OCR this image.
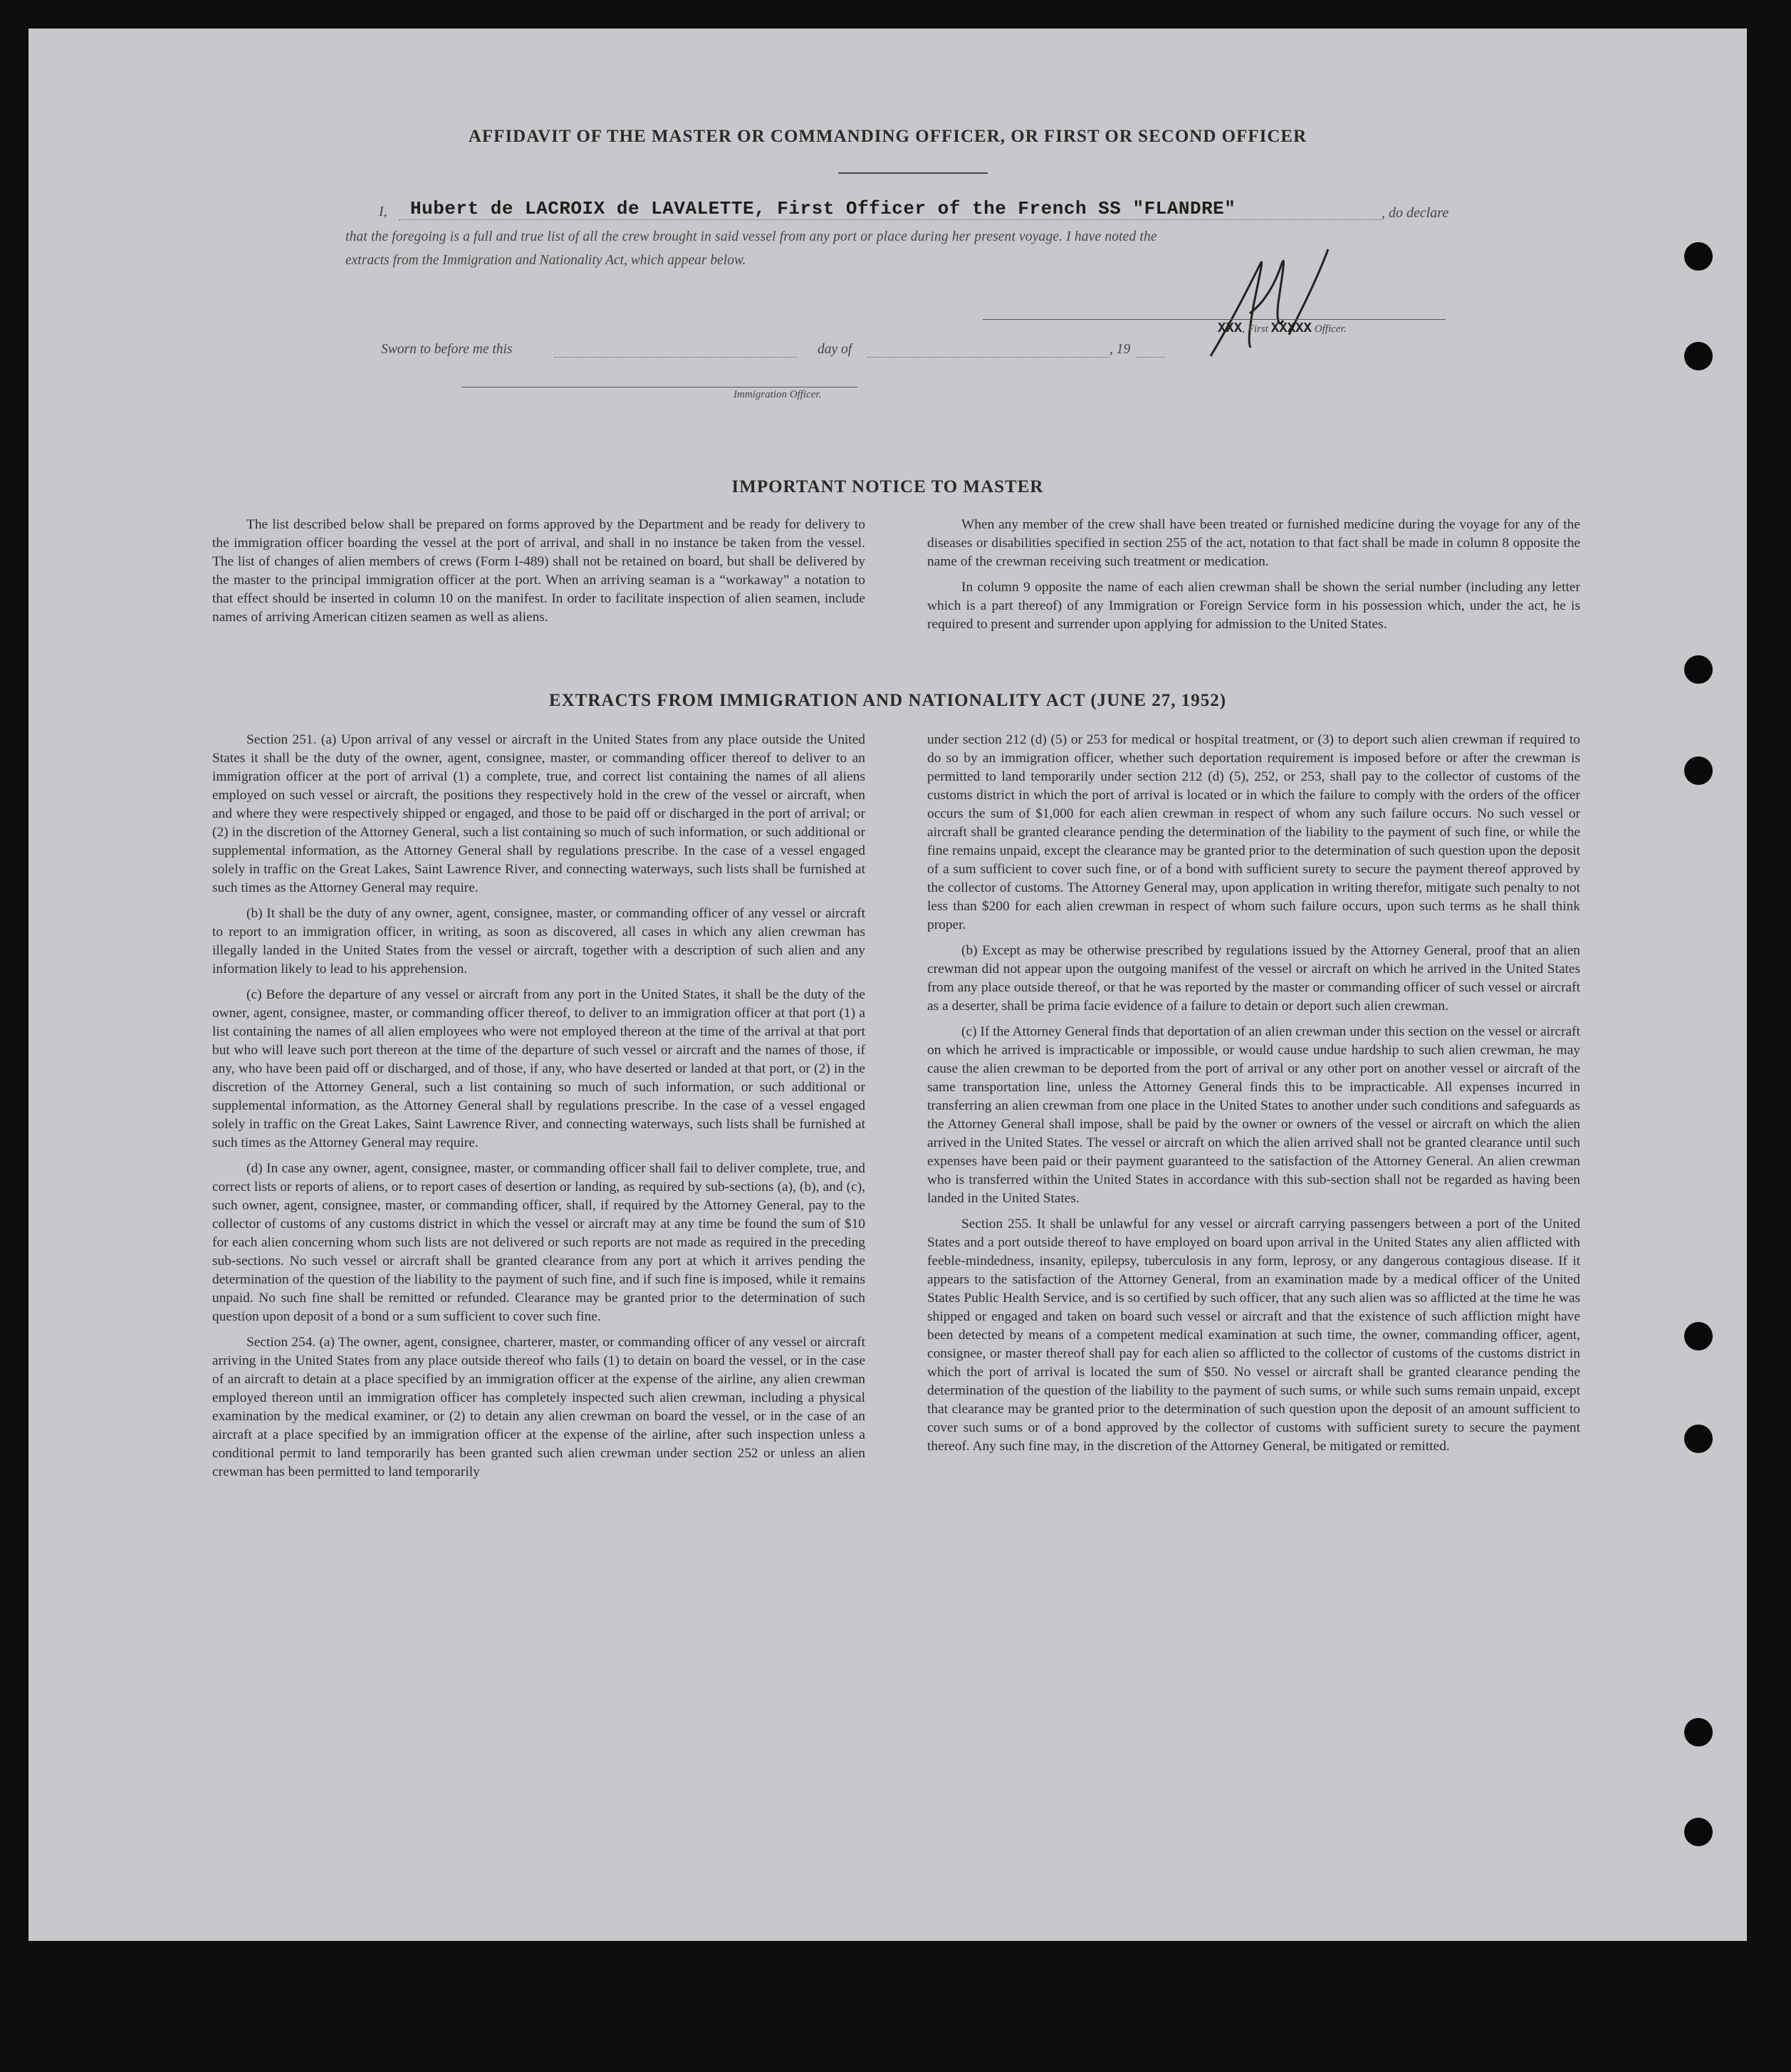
AFFIDAVIT OF THE MASTER OR COMMANDING OFFICER, OR FIRST OR SECOND OFFICER
I, Hubert de LACROIX de LAVALETTE, First Officer of the French SS "FLANDRE"	, do declare
that the foregoing is a full and true list of all the crew brought in said vessel from any port or place during her present voyage. I have noted the
extracts from the Immigration and Nationality Act, which appear below.
XXX, First XXXXX Officer.
Sworn to before me this	day of	, 19
Immigration Officer.
IMPORTANT NOTICE TO MASTER

The list described below shall be prepared on forms approved by the Department and be ready for delivery to the immigration officer boarding the vessel at the port of arrival, and shall in no instance be taken from the vessel. The list of changes of alien members of crews (Form I-489) shall not be retained on board, but shall be delivered by the master to the principal immigration officer at the port. When an arriving seaman is a “workaway” a notation to that effect should be inserted in column 10 on the manifest. In order to facilitate inspection of alien seamen, include names of arriving American citizen seamen as well as aliens.

When any member of the crew shall have been treated or furnished medicine during the voyage for any of the diseases or disabilities specified in section 255 of the act, notation to that fact shall be made in column 8 opposite the name of the crewman receiving such treatment or medication.

In column 9 opposite the name of each alien crewman shall be shown the serial number (including any letter which is a part thereof) of any Immigration or Foreign Service form in his possession which, under the act, he is required to present and surrender upon applying for admission to the United States.

EXTRACTS FROM IMMIGRATION AND NATIONALITY ACT (JUNE 27, 1952)

Section 251. (a) Upon arrival of any vessel or aircraft in the United States from any place outside the United States it shall be the duty of the owner, agent, consignee, master, or commanding officer thereof to deliver to an immigration officer at the port of arrival (1) a complete, true, and correct list containing the names of all aliens employed on such vessel or aircraft, the positions they respectively hold in the crew of the vessel or aircraft, when and where they were respectively shipped or engaged, and those to be paid off or discharged in the port of arrival; or (2) in the discretion of the Attorney General, such a list containing so much of such information, or such additional or supplemental information, as the Attorney General shall by regulations prescribe. In the case of a vessel engaged solely in traffic on the Great Lakes, Saint Lawrence River, and connecting waterways, such lists shall be furnished at such times as the Attorney General may require.

(b) It shall be the duty of any owner, agent, consignee, master, or commanding officer of any vessel or aircraft to report to an immigration officer, in writing, as soon as discovered, all cases in which any alien crewman has illegally landed in the United States from the vessel or aircraft, together with a description of such alien and any information likely to lead to his apprehension.

(c) Before the departure of any vessel or aircraft from any port in the United States, it shall be the duty of the owner, agent, consignee, master, or commanding officer thereof, to deliver to an immigration officer at that port (1) a list containing the names of all alien employees who were not employed thereon at the time of the arrival at that port but who will leave such port thereon at the time of the departure of such vessel or aircraft and the names of those, if any, who have been paid off or discharged, and of those, if any, who have deserted or landed at that port, or (2) in the discretion of the Attorney General, such a list containing so much of such information, or such additional or supplemental information, as the Attorney General shall by regulations prescribe. In the case of a vessel engaged solely in traffic on the Great Lakes, Saint Lawrence River, and connecting waterways, such lists shall be furnished at such times as the Attorney General may require.

(d) In case any owner, agent, consignee, master, or commanding officer shall fail to deliver complete, true, and correct lists or reports of aliens, or to report cases of desertion or landing, as required by sub-sections (a), (b), and (c), such owner, agent, consignee, master, or commanding officer, shall, if required by the Attorney General, pay to the collector of customs of any customs district in which the vessel or aircraft may at any time be found the sum of $10 for each alien concerning whom such lists are not delivered or such reports are not made as required in the preceding sub-sections. No such vessel or aircraft shall be granted clearance from any port at which it arrives pending the determination of the question of the liability to the payment of such fine, and if such fine is imposed, while it remains unpaid. No such fine shall be remitted or refunded. Clearance may be granted prior to the determination of such question upon deposit of a bond or a sum sufficient to cover such fine.

Section 254. (a) The owner, agent, consignee, charterer, master, or commanding officer of any vessel or aircraft arriving in the United States from any place outside thereof who fails (1) to detain on board the vessel, or in the case of an aircraft to detain at a place specified by an immigration officer at the expense of the airline, any alien crewman employed thereon until an immigration officer has completely inspected such alien crewman, including a physical examination by the medical examiner, or (2) to detain any alien crewman on board the vessel, or in the case of an aircraft at a place specified by an immigration officer at the expense of the airline, after such inspection unless a conditional permit to land temporarily has been granted such alien crewman under section 252 or unless an alien crewman has been permitted to land temporarily

under section 212 (d) (5) or 253 for medical or hospital treatment, or (3) to deport such alien crewman if required to do so by an immigration officer, whether such deportation requirement is imposed before or after the crewman is permitted to land temporarily under section 212 (d) (5), 252, or 253, shall pay to the collector of customs of the customs district in which the port of arrival is located or in which the failure to comply with the orders of the officer occurs the sum of $1,000 for each alien crewman in respect of whom any such failure occurs. No such vessel or aircraft shall be granted clearance pending the determination of the liability to the payment of such fine, or while the fine remains unpaid, except the clearance may be granted prior to the determination of such question upon the deposit of a sum sufficient to cover such fine, or of a bond with sufficient surety to secure the payment thereof approved by the collector of customs. The Attorney General may, upon application in writing therefor, mitigate such penalty to not less than $200 for each alien crewman in respect of whom such failure occurs, upon such terms as he shall think proper.

(b) Except as may be otherwise prescribed by regulations issued by the Attorney General, proof that an alien crewman did not appear upon the outgoing manifest of the vessel or aircraft on which he arrived in the United States from any place outside thereof, or that he was reported by the master or commanding officer of such vessel or aircraft as a deserter, shall be prima facie evidence of a failure to detain or deport such alien crewman.

(c) If the Attorney General finds that deportation of an alien crewman under this section on the vessel or aircraft on which he arrived is impracticable or impossible, or would cause undue hardship to such alien crewman, he may cause the alien crewman to be deported from the port of arrival or any other port on another vessel or aircraft of the same transportation line, unless the Attorney General finds this to be impracticable. All expenses incurred in transferring an alien crewman from one place in the United States to another under such conditions and safeguards as the Attorney General shall impose, shall be paid by the owner or owners of the vessel or aircraft on which the alien arrived in the United States. The vessel or aircraft on which the alien arrived shall not be granted clearance until such expenses have been paid or their payment guaranteed to the satisfaction of the Attorney General. An alien crewman who is transferred within the United States in accordance with this sub-section shall not be regarded as having been landed in the United States.

Section 255. It shall be unlawful for any vessel or aircraft carrying passengers between a port of the United States and a port outside thereof to have employed on board upon arrival in the United States any alien afflicted with feeble-mindedness, insanity, epilepsy, tuberculosis in any form, leprosy, or any dangerous contagious disease. If it appears to the satisfaction of the Attorney General, from an examination made by a medical officer of the United States Public Health Service, and is so certified by such officer, that any such alien was so afflicted at the time he was shipped or engaged and taken on board such vessel or aircraft and that the existence of such affliction might have been detected by means of a competent medical examination at such time, the owner, commanding officer, agent, consignee, or master thereof shall pay for each alien so afflicted to the collector of customs of the customs district in which the port of arrival is located the sum of $50. No vessel or aircraft shall be granted clearance pending the determination of the question of the liability to the payment of such sums, or while such sums remain unpaid, except that clearance may be granted prior to the determination of such question upon the deposit of an amount sufficient to cover such sums or of a bond approved by the collector of customs with sufficient surety to secure the payment thereof. Any such fine may, in the discretion of the Attorney General, be mitigated or remitted.
